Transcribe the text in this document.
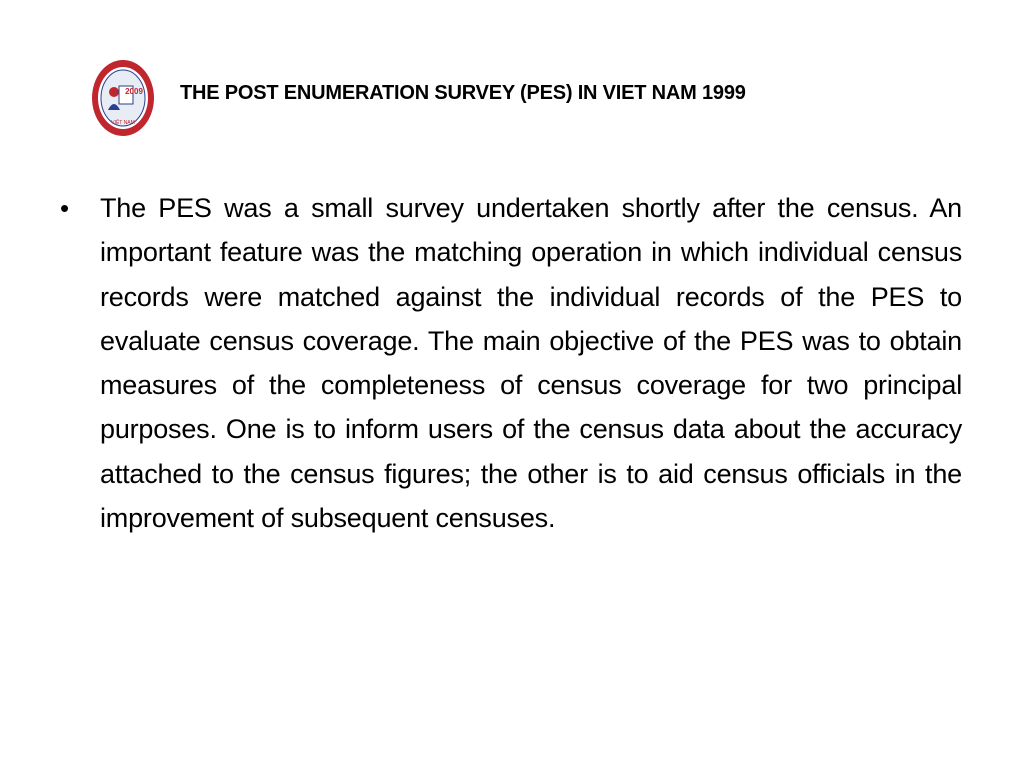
2009
VIỆT NAM
THE POST ENUMERATION SURVEY (PES) IN VIET NAM 1999
•	The PES was a small survey undertaken shortly after the census. An important feature was the matching operation in which individual census records were matched against the individual records of the PES to evaluate census coverage. The main objective of the PES was to obtain measures of the completeness of census coverage for two principal purposes. One is to inform users of the census data about the accuracy attached to the census figures; the other is to aid census officials in the improvement of subsequent censuses.
